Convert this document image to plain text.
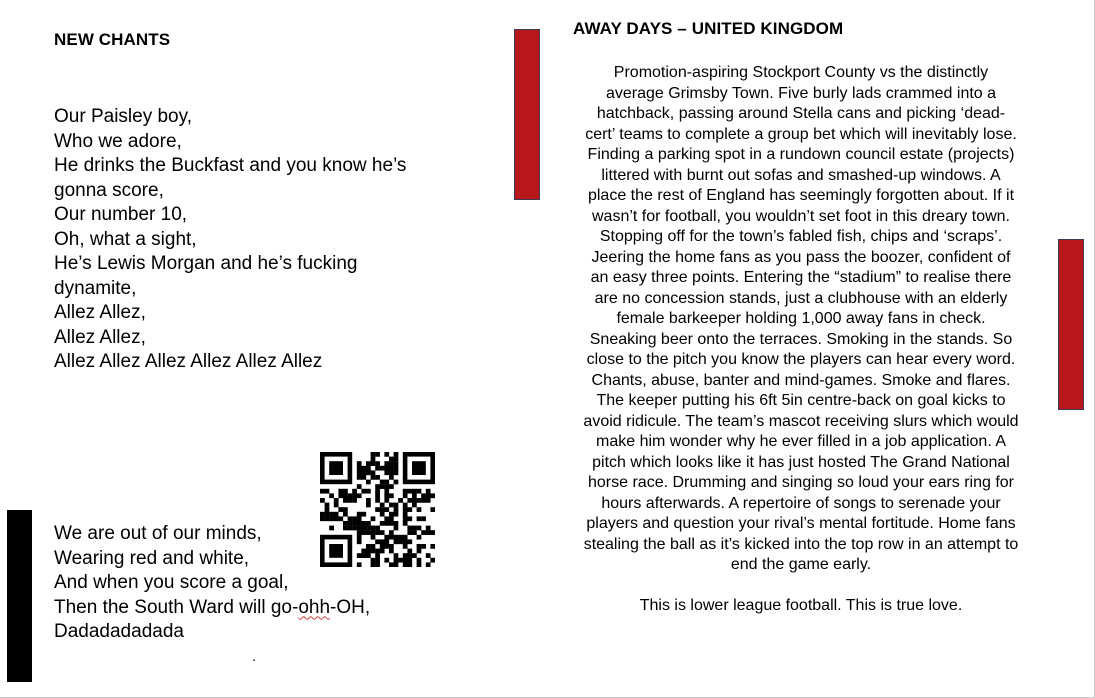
NEW CHANTS
Our Paisley boy,
Who we adore,
He drinks the Buckfast and you know he’s
gonna score,
Our number 10,
Oh, what a sight,
He’s Lewis Morgan and he’s fucking
dynamite,
Allez Allez,
Allez Allez,
Allez Allez Allez Allez Allez Allez
We are out of our minds,
Wearing red and white,
And when you score a goal,
Then the South Ward will go-ohh-OH,
Dadadadadada
.
AWAY DAYS – UNITED KINGDOM

Promotion-aspiring Stockport County vs the distinctly average Grimsby Town. Five burly lads crammed into a hatchback, passing around Stella cans and picking ‘dead-cert’ teams to complete a group bet which will inevitably lose. Finding a parking spot in a rundown council estate (projects) littered with burnt out sofas and smashed-up windows. A place the rest of England has seemingly forgotten about. If it wasn’t for football, you wouldn’t set foot in this dreary town. Stopping off for the town’s fabled fish, chips and ‘scraps’. Jeering the home fans as you pass the boozer, confident of an easy three points. Entering the “stadium” to realise there are no concession stands, just a clubhouse with an elderly female barkeeper holding 1,000 away fans in check. Sneaking beer onto the terraces. Smoking in the stands. So close to the pitch you know the players can hear every word. Chants, abuse, banter and mind-games. Smoke and flares. The keeper putting his 6ft 5in centre-back on goal kicks to avoid ridicule. The team’s mascot receiving slurs which would make him wonder why he ever filled in a job application. A pitch which looks like it has just hosted The Grand National horse race. Drumming and singing so loud your ears ring for hours afterwards. A repertoire of songs to serenade your players and question your rival’s mental fortitude. Home fans stealing the ball as it’s kicked into the top row in an attempt to end the game early.

This is lower league football. This is true love.
